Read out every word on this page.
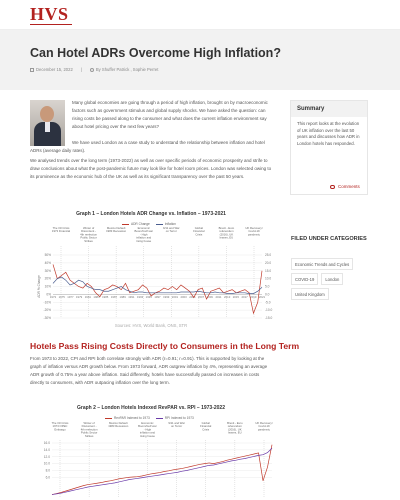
HVS
Can Hotel ADRs Overcome High Inflation?
December 15, 2022 |	By Shuffer Patrick , Sophie Perret
Many global economies are going through a period of high inflation, brought on by macroeconomic factors such as government stimulus and global supply shocks. We have asked the question: can rising costs be passed along to the consumer and what does the current inflation environment say about hotel pricing over the next few years?
We have used London as a case study to understand the relationship between inflation and hotel ADRs (average daily rates).
We analysed trends over the long term (1973-2022) as well as over specific periods of economic prosperity and strife to draw conclusions about what the post-pandemic future may look like for hotel room prices. London was selected owing to its prominence as the economic hub of the UK as well as its significant transparency over the past 50 years.
Summary
This report looks at the evolution of UK inflation over the last 50 years and discusses how ADR in London hotels has responded.
Comments
FILED UNDER CATEGORIES
Economic Trends and Cycles
COVID-19	London
United Kingdom
Graph 1 – London Hotels ADR Change vs. Inflation – 1973-2021
ADR Change	Inflation
50%	25.0
40%	20.0
30%	15.0
20%	10.0
10%	5.0
0%	0.0
-10%	-5.0
-20%	-10.0
-30%	-15.0
1973 1975 1977 1979 1981 1983 1985 1987 1989 1991 1993 1995 1997 1999 2001 2003 2005 2007 2009 2011 2013 2015 2017 2019 2021
ADR % Change
The Oil Crisis 1973 Financial
Winter of Discontent -4th reelection Public Sector Strikes
Mexico Default 1983 Recession
Economic Boom/Gulf war - High inflation and rising house
9/11 and War on Terror
Global Financial Crisis
Brexit - Euro referendum (2016), UK leaves, EU
UK Recovery/ Covid-19 pandemic
Sources: HVS, World Bank, ONS, STR
Hotels Pass Rising Costs Directly to Consumers in the Long Term
From 1973 to 2022, CPI and RPI both correlate strongly with ADR (r=0.91; r=0.91). This is supported by looking at the graph of inflation versus ADR growth below. From 1973 forward, ADR outgrew inflation by 4%, representing an average ADR growth of 0.75% a year above inflation. Said differently, hotels have successfully passed on increases in costs directly to consumers, with ADR outpacing inflation over the long term.
Graph 2 – London Hotels Indexed RevPAR vs. RPI – 1973-2022
RevPAR Indexed to 1973	RPI Indexed to 1973
16.0
14.0
12.0
10.0
8.0
6.0
The Oil Crisis 1973 OPEC Embargo
Winter of Discontent -4th reelection Public Sector Strikes
Mexico Default 1983 Recession
Economic Boom/Gulf war - High inflation and rising house
9/11 and War on Terror
Global Financial Crisis
Brexit - Euro referendum (2016), UK leaves, EU
UK Recovery/ Covid-19 pandemic
